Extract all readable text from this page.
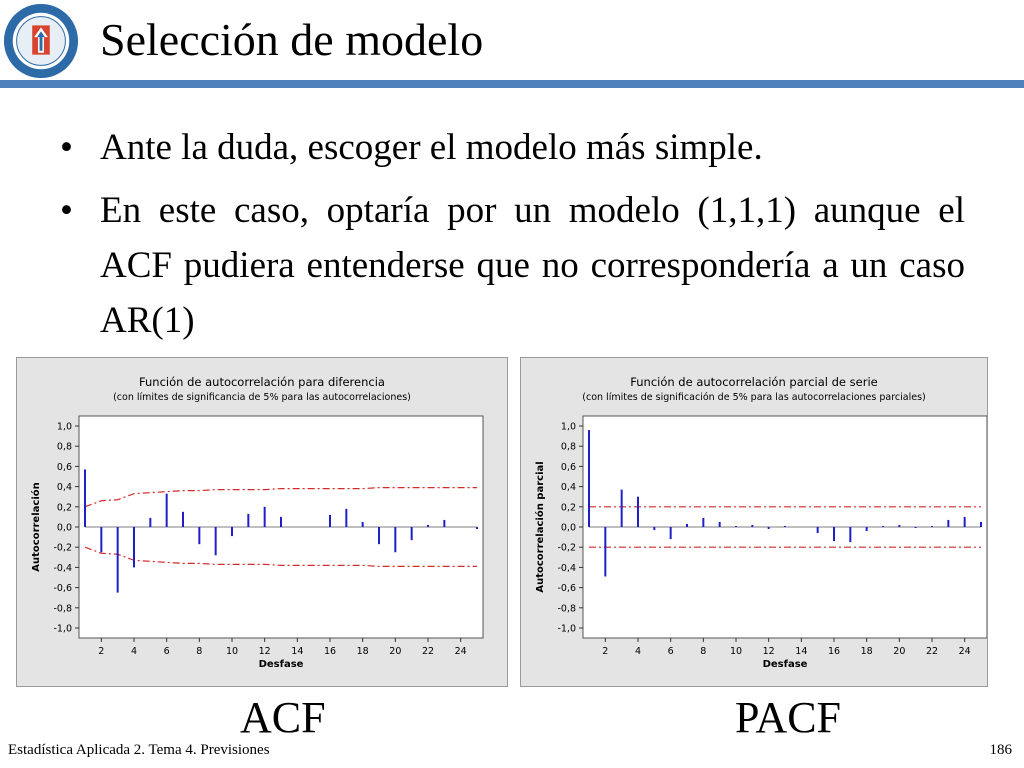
Selección de modelo
• Ante la duda, escoger el modelo más simple.
• En este caso, optaría por un modelo (1,1,1) aunque el ACF pudiera entenderse que no correspondería a un caso AR(1)
Función de autocorrelación para diferencia
(con límites de significancia de 5% para las autocorrelaciones)
1,0
0,8
0,6
0,4
0,2
0,0
-0,2
-0,4
-0,6
-0,8
-1,0
2	4	6	8 10 12 14 16 18 20 22 24
Desfase
Autocorrelación
Función de autocorrelación parcial de serie
(con límites de significación de 5% para las autocorrelaciones parciales)
1,0
0,8
0,6
0,4
0,2
0,0
-0,2
-0,4
-0,6
-0,8
-1,0
2	4	6	8 10 12 14 16 18 20 22 24
Desfase
Autocorrelación parcial
ACF	PACF
Estadística Aplicada 2. Tema 4. Previsiones	186
